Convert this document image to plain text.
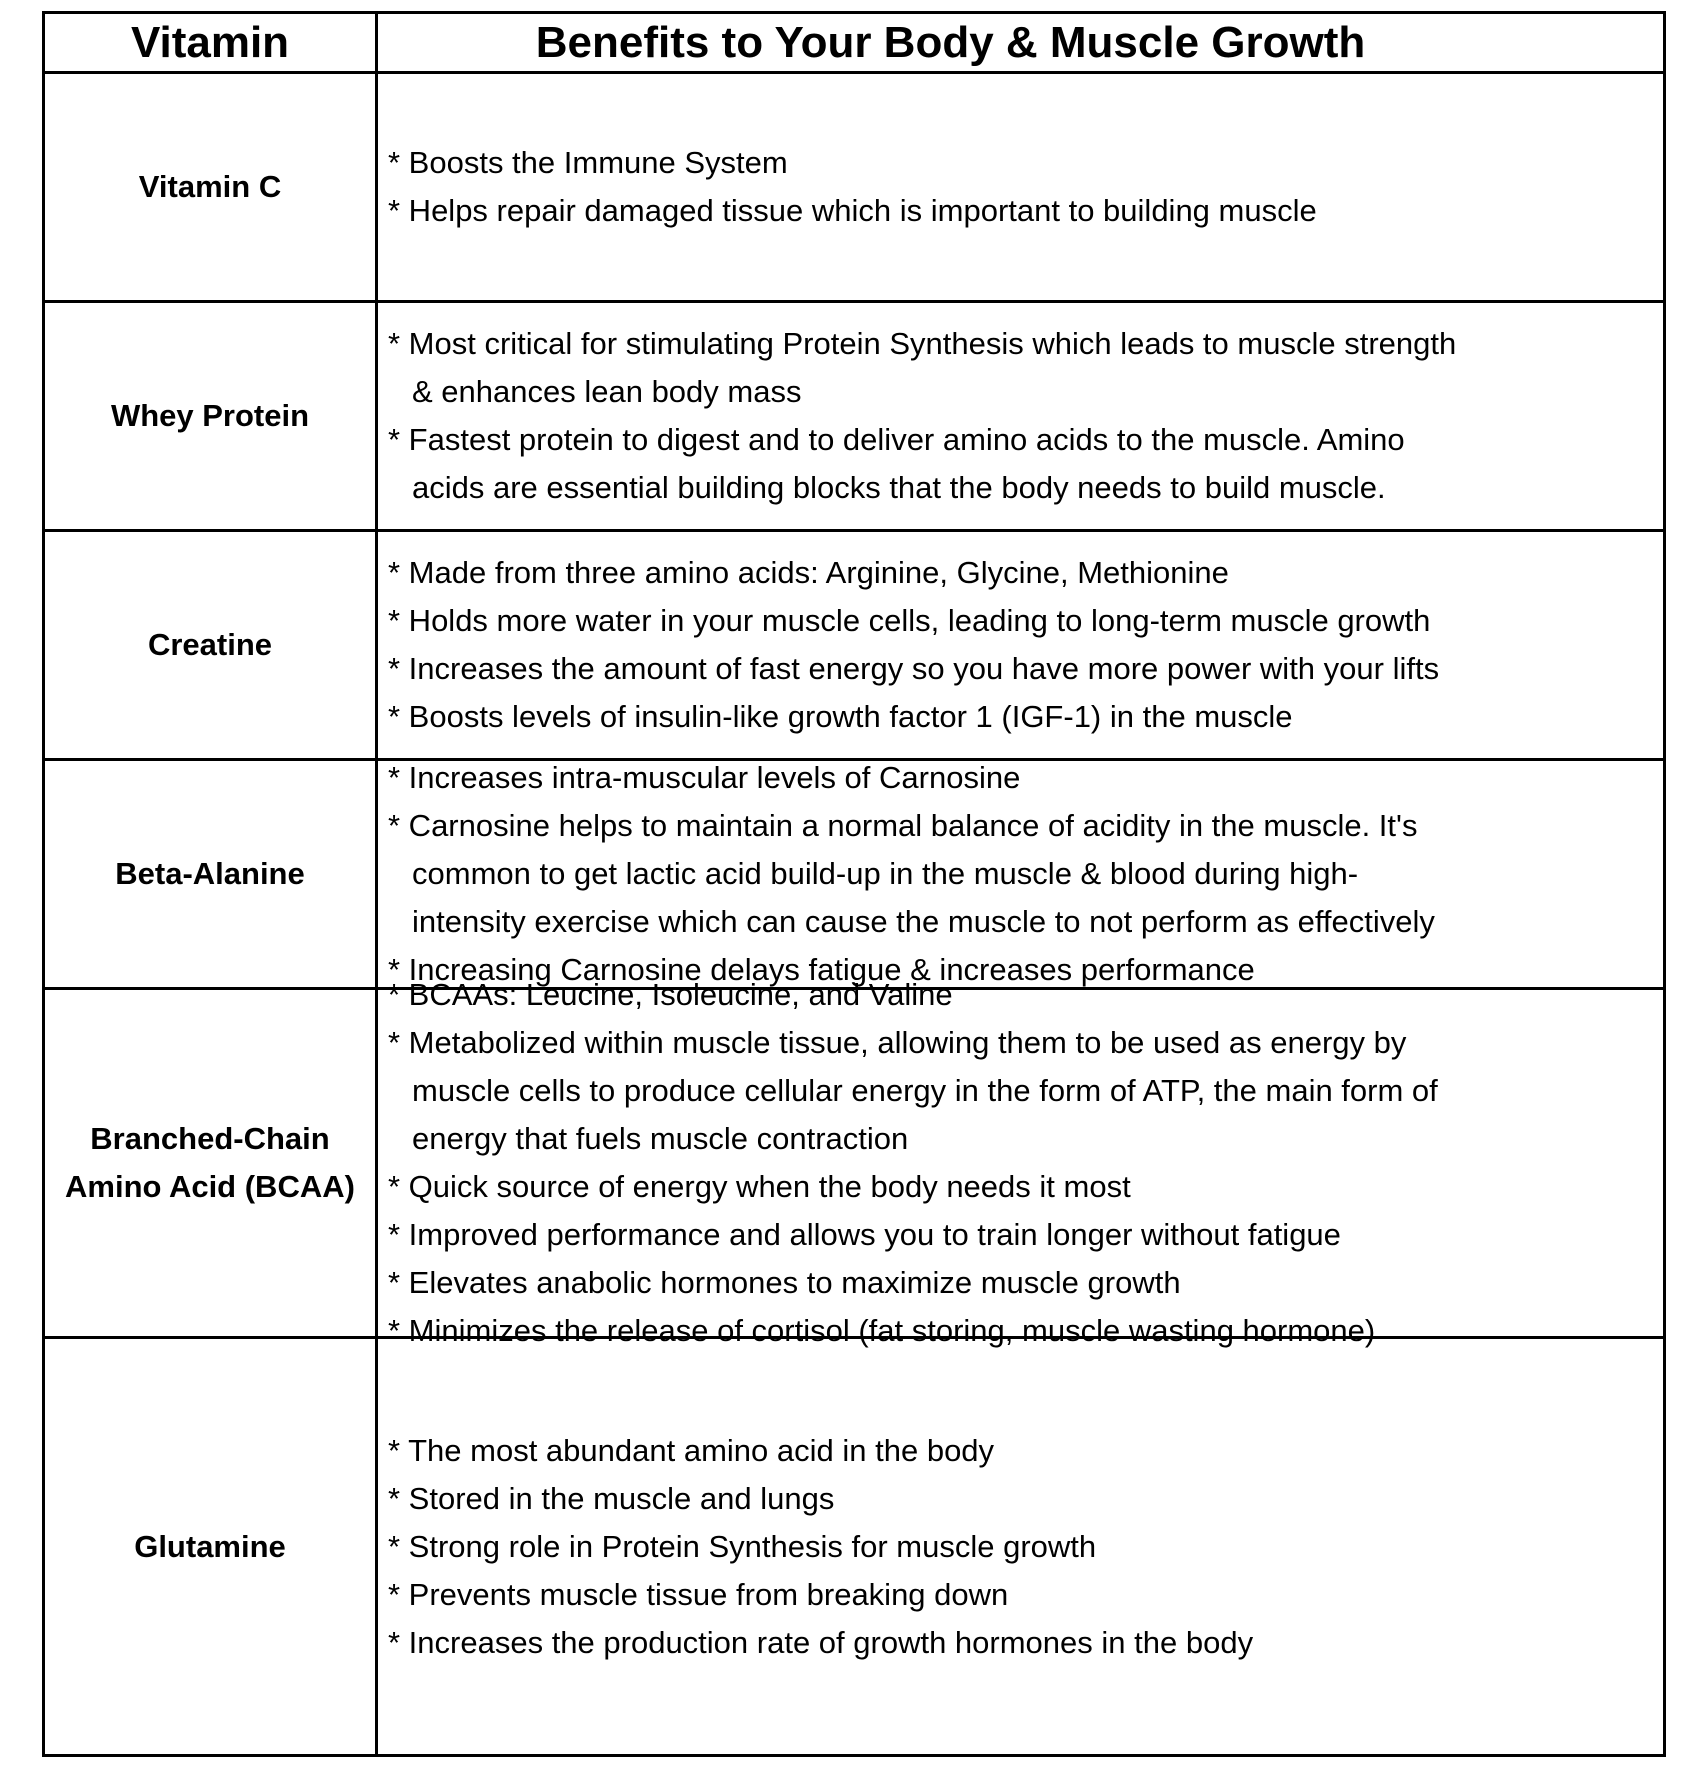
Vitamin	Benefits to Your Body & Muscle Growth
Vitamin C
* Boosts the Immune System
* Helps repair damaged tissue which is important to building muscle
Whey Protein
* Most critical for stimulating Protein Synthesis which leads to muscle strength
& enhances lean body mass
* Fastest protein to digest and to deliver amino acids to the muscle. Amino
acids are essential building blocks that the body needs to build muscle.
Creatine
* Made from three amino acids: Arginine, Glycine, Methionine
* Holds more water in your muscle cells, leading to long-term muscle growth
* Increases the amount of fast energy so you have more power with your lifts
* Boosts levels of insulin-like growth factor 1 (IGF-1) in the muscle
Beta-Alanine
* Increases intra-muscular levels of Carnosine
* Carnosine helps to maintain a normal balance of acidity in the muscle. It's
common to get lactic acid build-up in the muscle & blood during high-
intensity exercise which can cause the muscle to not perform as effectively
* Increasing Carnosine delays fatigue & increases performance
Branched-Chain
Amino Acid (BCAA)
* BCAAs: Leucine, Isoleucine, and Valine
* Metabolized within muscle tissue, allowing them to be used as energy by
muscle cells to produce cellular energy in the form of ATP, the main form of
energy that fuels muscle contraction
* Quick source of energy when the body needs it most
* Improved performance and allows you to train longer without fatigue
* Elevates anabolic hormones to maximize muscle growth
* Minimizes the release of cortisol (fat storing, muscle wasting hormone)
Glutamine
* The most abundant amino acid in the body
* Stored in the muscle and lungs
* Strong role in Protein Synthesis for muscle growth
* Prevents muscle tissue from breaking down
* Increases the production rate of growth hormones in the body
